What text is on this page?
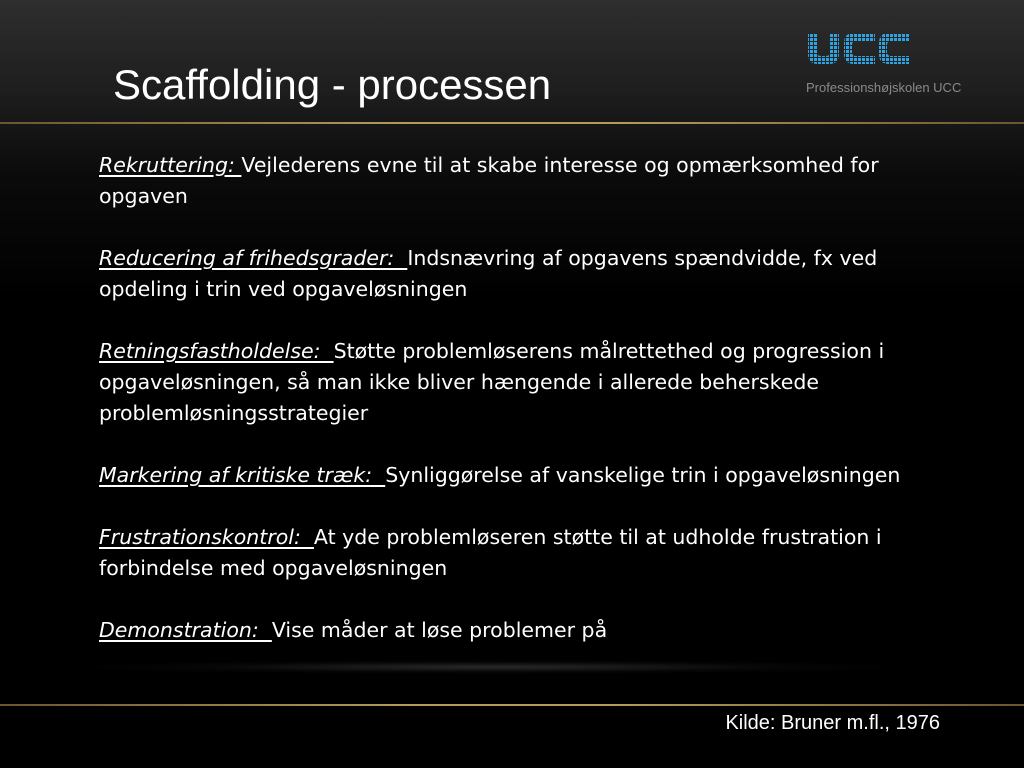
Scaffolding - processen	Professionshøjskolen UCC
Rekruttering: Vejlederens evne til at skabe interesse og opmærksomhed for opgaven
Reducering af frihedsgrader:  Indsnævring af opgavens spændvidde, fx ved opdeling i trin ved opgaveløsningen
Retningsfastholdelse:  Støtte problemløserens målrettethed og progression i opgaveløsningen, så man ikke bliver hængende i allerede beherskede problemløsningsstrategier
Markering af kritiske træk:  Synliggørelse af vanskelige trin i opgaveløsningen
Frustrationskontrol:  At yde problemløseren støtte til at udholde frustration i forbindelse med opgaveløsningen
Demonstration:  Vise måder at løse problemer på
Kilde: Bruner m.fl., 1976
